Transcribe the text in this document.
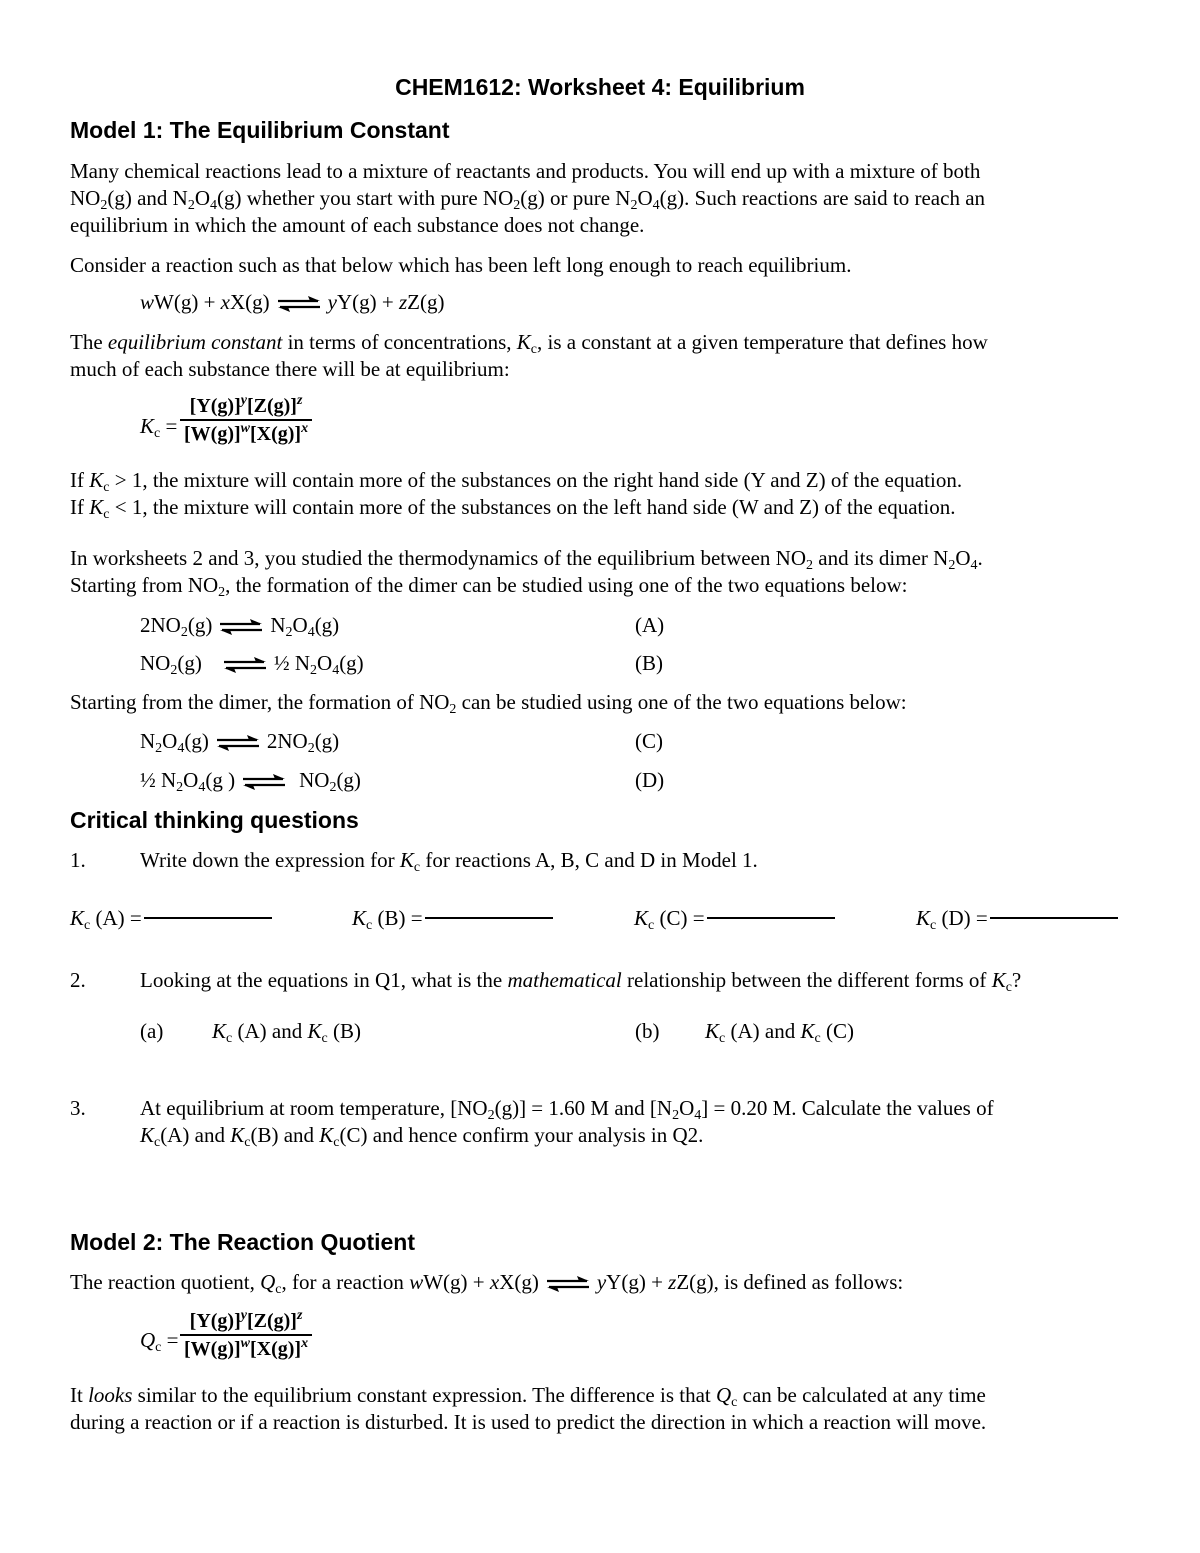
CHEM1612: Worksheet 4: Equilibrium
Model 1: The Equilibrium Constant
Many chemical reactions lead to a mixture of reactants and products. You will end up with a mixture of both
$NO_2(g)$ and $N_2O_4(g)$ whether you start with pure $NO_2(g)$ or pure $N_2O_4(g)$. Such reactions are said to reach an
equilibrium in which the amount of each substance does not change.
Consider a reaction such as that below which has been left long enough to reach equilibrium.
wW(g) + xX(g) ⇌ yY(g) + zZ(g)
The equilibrium constant in terms of concentrations, $K_c$, is a constant at a given temperature that defines how
much of each substance there will be at equilibrium:
$K_c = \frac{[Y(g)]^y[Z(g)]^z}{[W(g)]^w[X(g)]^x}$
If $K_c > 1$, the mixture will contain more of the substances on the right hand side (Y and Z) of the equation.
If $K_c < 1$, the mixture will contain more of the substances on the left hand side (W and Z) of the equation.
In worksheets 2 and 3, you studied the thermodynamics of the equilibrium between $NO_2$ and its dimer $N_2O_4$.
Starting from $NO_2$, the formation of the dimer can be studied using one of the two equations below:
$2NO_2(g)$ ⇌ $N_2O_4(g)$	(A)
$NO_2(g)$ ⇌ ½ $N_2O_4(g)$	(B)
Starting from the dimer, the formation of $NO_2$ can be studied using one of the two equations below:
$N_2O_4(g)$ ⇌ $2NO_2(g)$	(C)
½ $N_2O_4(g$ ) ⇌ $NO_2(g)$	(D)
Critical thinking questions
1.	Write down the expression for $K_c$ for reactions A, B, C and D in Model 1.
$K_c$ (A) =	$K_c$ (B) =	$K_c$ (C) =	$K_c$ (D) =
2.	Looking at the equations in Q1, what is the mathematical relationship between the different forms of $K_c$?
(a) $K_c$ (A) and $K_c$ (B)	(b) $K_c$ (A) and $K_c$ (C)
3.	At equilibrium at room temperature, $[NO_2(g)] = 1.60$ M and $[N_2O_4] = 0.20$ M. Calculate the values of
$K_c(A)$ and $K_c(B)$ and $K_c(C)$ and hence confirm your analysis in Q2.
Model 2: The Reaction Quotient
The reaction quotient, $Q_c$, for a reaction wW(g) + xX(g) ⇌ yY(g) + zZ(g), is defined as follows:
$Q_c = \frac{[Y(g)]^y[Z(g)]^z}{[W(g)]^w[X(g)]^x}$
It looks similar to the equilibrium constant expression. The difference is that $Q_c$ can be calculated at any time
during a reaction or if a reaction is disturbed. It is used to predict the direction in which a reaction will move.
